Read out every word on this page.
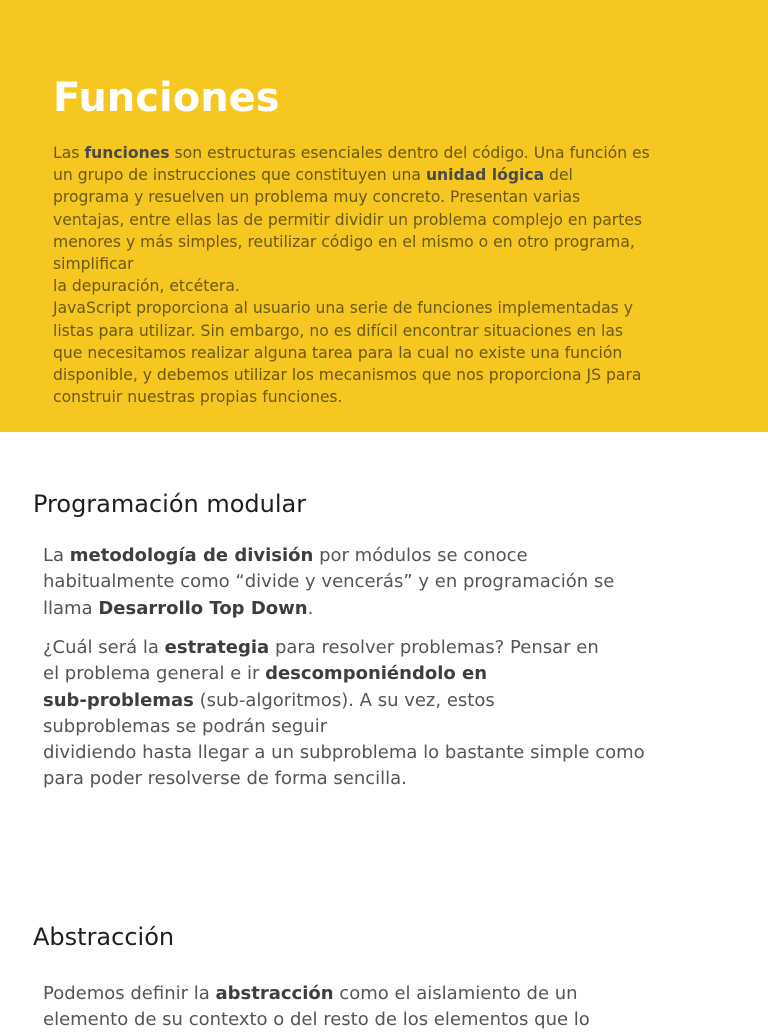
Funciones
Las funciones son estructuras esenciales dentro del código. Una función es
un grupo de instrucciones que constituyen una unidad lógica del
programa y resuelven un problema muy concreto. Presentan varias
ventajas, entre ellas las de permitir dividir un problema complejo en partes
menores y más simples, reutilizar código en el mismo o en otro programa,
simplificar
la depuración, etcétera.
JavaScript proporciona al usuario una serie de funciones implementadas y
listas para utilizar. Sin embargo, no es difícil encontrar situaciones en las
que necesitamos realizar alguna tarea para la cual no existe una función
disponible, y debemos utilizar los mecanismos que nos proporciona JS para
construir nuestras propias funciones.
Programación modular
La metodología de división por módulos se conoce
habitualmente como “divide y vencerás” y en programación se
llama Desarrollo Top Down.
¿Cuál será la estrategia para resolver problemas? Pensar en
el problema general e ir descomponiéndolo en
sub-problemas (sub-algoritmos). A su vez, estos
subproblemas se podrán seguir
dividiendo hasta llegar a un subproblema lo bastante simple como
para poder resolverse de forma sencilla.
Abstracción
Podemos definir la abstracción como el aislamiento de un
elemento de su contexto o del resto de los elementos que lo
